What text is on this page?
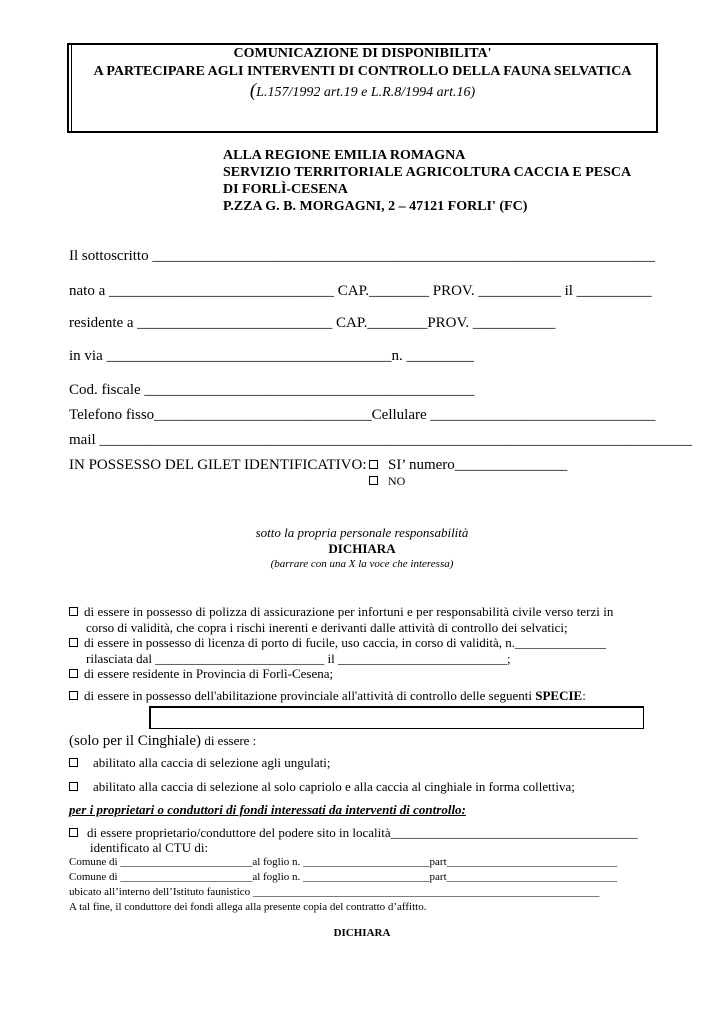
COMUNICAZIONE DI DISPONIBILITA'
A PARTECIPARE AGLI INTERVENTI DI CONTROLLO DELLA FAUNA SELVATICA
(L.157/1992 art.19 e L.R.8/1994 art.16)
ALLA REGIONE EMILIA ROMAGNA
SERVIZIO TERRITORIALE AGRICOLTURA CACCIA E PESCA
DI FORLÌ-CESENA
P.ZZA G. B. MORGAGNI, 2 – 47121 FORLI' (FC)
Il sottoscritto ___________________________________________________________________
nato a ______________________________ CAP.________ PROV. ___________ il __________
residente a __________________________ CAP.________PROV. ___________
in via ______________________________________n. _________
Cod. fiscale ____________________________________________
Telefono fisso_____________________________Cellulare ______________________________
mail _______________________________________________________________________________
IN POSSESSO DEL GILET IDENTIFICATIVO:	SI’ numero_______________
NO
sotto la propria personale responsabilità
DICHIARA
(barrare con una X la voce che interessa)
di essere in possesso di polizza di assicurazione per infortuni e per responsabilità civile verso terzi in
corso di validità, che copra i rischi inerenti e derivanti dalle attività di controllo dei selvatici;
di essere in possesso di licenza di porto di fucile, uso caccia, in corso di validità, n.______________
rilasciata dal __________________________ il __________________________;
di essere residente in Provincia di Forlì-Cesena;
di essere in possesso dell'abilitazione provinciale all'attività di controllo delle seguenti SPECIE:
(solo per il Cinghiale) di essere :
abilitato alla caccia di selezione agli ungulati;
abilitato alla caccia di selezione al solo capriolo e alla caccia al cinghiale in forma collettiva;
per i proprietari o conduttori di fondi interessati da interventi di controllo:
di essere proprietario/conduttore del podere sito in località______________________________________
identificato al CTU di:
Comune di ________________________al foglio n. _______________________part_______________________________
Comune di ________________________al foglio n. _______________________part_______________________________
ubicato all’interno dell’Istituto faunistico _______________________________________________________________
A tal fine, il conduttore dei fondi allega alla presente copia del contratto d’affitto.
DICHIARA
